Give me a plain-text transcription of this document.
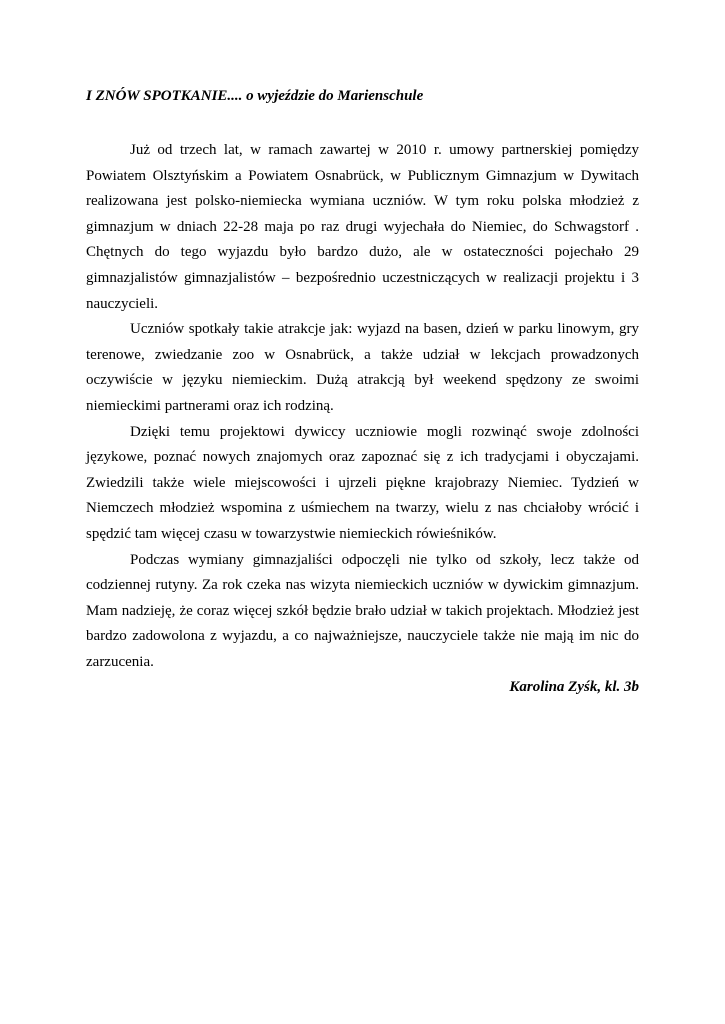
I ZNÓW SPOTKANIE.... o wyjeździe do Marienschule

Już od trzech lat, w ramach zawartej w 2010 r. umowy partnerskiej pomiędzy Powiatem Olsztyńskim a Powiatem Osnabrück, w Publicznym Gimnazjum w Dywitach realizowana jest polsko-niemiecka wymiana uczniów. W tym roku polska młodzież z gimnazjum w dniach 22-28 maja po raz drugi wyjechała do Niemiec, do Schwagstorf . Chętnych do tego wyjazdu było bardzo dużo, ale w ostateczności pojechało 29 gimnazjalistów gimnazjalistów – bezpośrednio uczestniczących w realizacji projektu i 3 nauczycieli.

Uczniów spotkały takie atrakcje jak: wyjazd na basen, dzień w parku linowym, gry terenowe, zwiedzanie zoo w Osnabrück, a także udział w lekcjach prowadzonych oczywiście w języku niemieckim. Dużą atrakcją był weekend spędzony ze swoimi niemieckimi partnerami oraz ich rodziną.

Dzięki temu projektowi dywiccy uczniowie mogli rozwinąć swoje zdolności językowe, poznać nowych znajomych oraz zapoznać się z ich tradycjami i obyczajami. Zwiedzili także wiele miejscowości i ujrzeli piękne krajobrazy Niemiec. Tydzień w Niemczech młodzież wspomina z uśmiechem na twarzy, wielu z nas chciałoby wrócić i spędzić tam więcej czasu w towarzystwie niemieckich rówieśników.

Podczas wymiany gimnazjaliści odpoczęli nie tylko od szkoły, lecz także od codziennej rutyny. Za rok czeka nas wizyta niemieckich uczniów w dywickim gimnazjum. Mam nadzieję, że coraz więcej szkół będzie brało udział w takich projektach. Młodzież jest bardzo zadowolona z wyjazdu, a co najważniejsze, nauczyciele także nie mają im nic do zarzucenia.

Karolina Zyśk, kl. 3b
